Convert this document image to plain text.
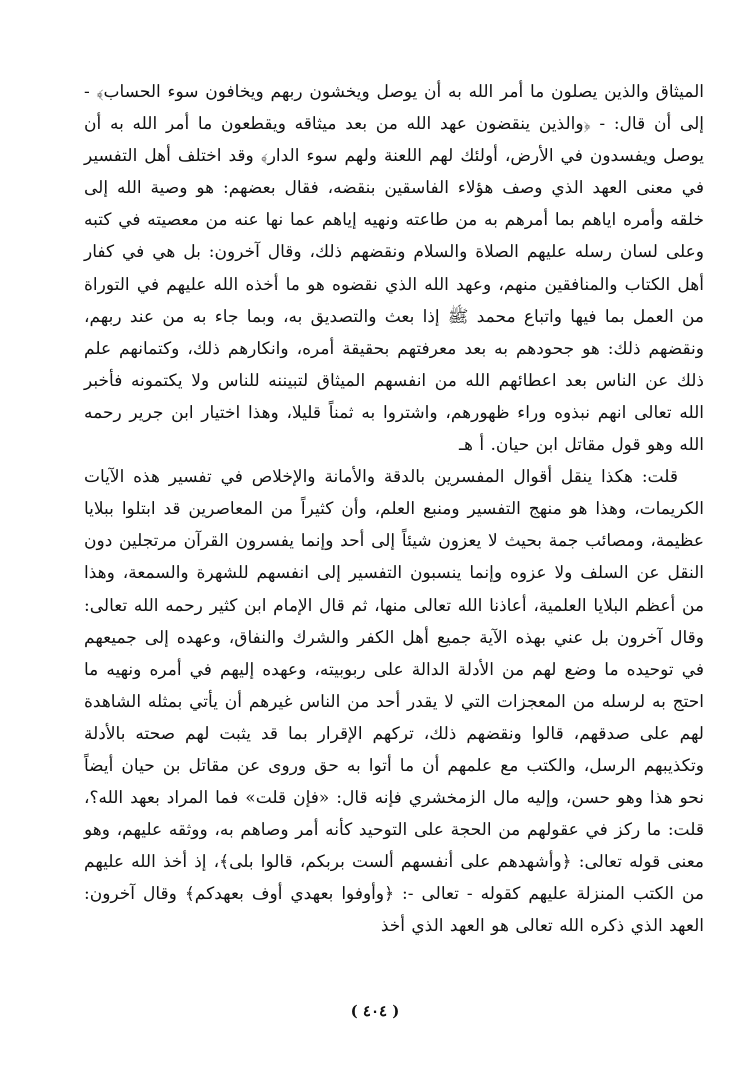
الميثاق والذين يصلون ما أمر الله به أن يوصل ويخشون ربهم ويخافون سوء الحساب﴾ - إلى أن قال: - ﴿والذين ينقضون عهد الله من بعد ميثاقه ويقطعون ما أمر الله به أن يوصل ويفسدون في الأرض، أولئك لهم اللعنة ولهم سوء الدار﴾ وقد اختلف أهل التفسير في معنى العهد الذي وصف هؤلاء الفاسقين بنقضه، فقال بعضهم: هو وصية الله إلى خلقه وأمره اياهم بما أمرهم به من طاعته ونهيه إياهم عما نها عنه من معصيته في كتبه وعلى لسان رسله عليهم الصلاة والسلام ونقضهم ذلك، وقال آخرون: بل هي في كفار أهل الكتاب والمنافقين منهم، وعهد الله الذي نقضوه هو ما أخذه الله عليهم في التوراة من العمل بما فيها واتباع محمد ﷺ إذا بعث والتصديق به، وبما جاء به من عند ربهم، ونقضهم ذلك: هو جحودهم به بعد معرفتهم بحقيقة أمره، وانكارهم ذلك، وكتمانهم علم ذلك عن الناس بعد اعطائهم الله من انفسهم الميثاق لتبيننه للناس ولا يكتمونه فأخبر الله تعالى انهم نبذوه وراء ظهورهم، واشتروا به ثمناً قليلا، وهذا اختيار ابن جرير رحمه الله وهو قول مقاتل ابن حيان. أ هـ

قلت: هكذا ينقل أقوال المفسرين بالدقة والأمانة والإخلاص في تفسير هذه الآيات الكريمات، وهذا هو منهج التفسير ومنبع العلم، وأن كثيراً من المعاصرين قد ابتلوا ببلايا عظيمة، ومصائب جمة بحيث لا يعزون شيئاً إلى أحد وإنما يفسرون القرآن مرتجلين دون النقل عن السلف ولا عزوه وإنما ينسبون التفسير إلى انفسهم للشهرة والسمعة، وهذا من أعظم البلايا العلمية، أعاذنا الله تعالى منها، ثم قال الإمام ابن كثير رحمه الله تعالى: وقال آخرون بل عني بهذه الآية جميع أهل الكفر والشرك والنفاق، وعهده إلى جميعهم في توحيده ما وضع لهم من الأدلة الدالة على ربوبيته، وعهده إليهم في أمره ونهيه ما احتج به لرسله من المعجزات التي لا يقدر أحد من الناس غيرهم أن يأتي بمثله الشاهدة لهم على صدقهم، قالوا ونقضهم ذلك، تركهم الإقرار بما قد يثبت لهم صحته بالأدلة وتكذيبهم الرسل، والكتب مع علمهم أن ما أتوا به حق وروى عن مقاتل بن حيان أيضاً نحو هذا وهو حسن، وإليه مال الزمخشري فإنه قال: «فإن قلت» فما المراد بعهد الله؟، قلت: ما ركز في عقولهم من الحجة على التوحيد كأنه أمر وصاهم به، ووثقه عليهم، وهو معنى قوله تعالى: ﴿وأشهدهم على أنفسهم ألست بربكم، قالوا بلى﴾، إذ أخذ الله عليهم من الكتب المنزلة عليهم كقوله - تعالى -: ﴿وأوفوا بعهدي أوف بعهدكم﴾ وقال آخرون: العهد الذي ذكره الله تعالى هو العهد الذي أخذ

( ٤٠٤ )
